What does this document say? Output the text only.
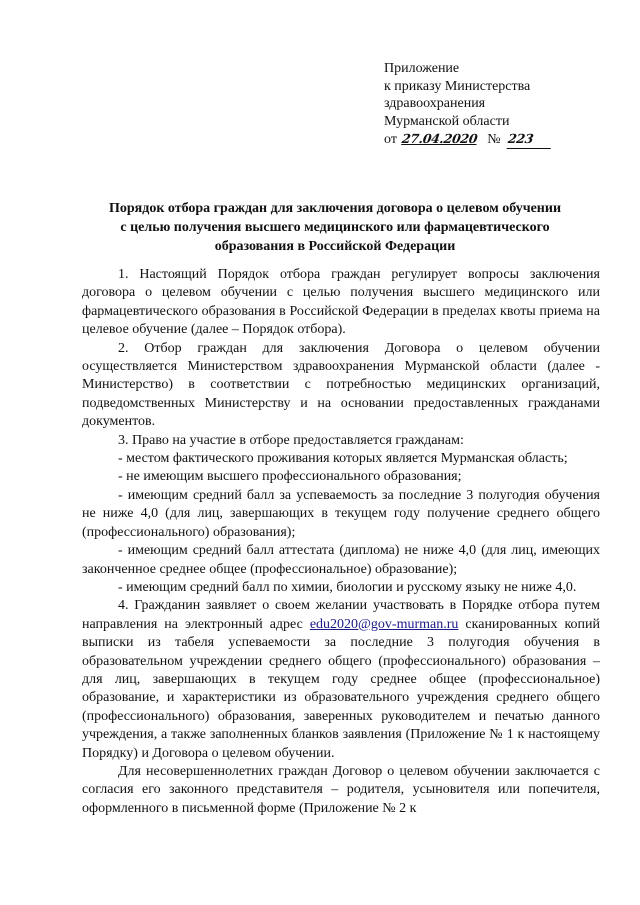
Приложение
к приказу Министерства
здравоохранения
Мурманской области
от 27.04.2020 № 223
Порядок отбора граждан для заключения договора о целевом обучении
с целью получения высшего медицинского или фармацевтического
образования в Российской Федерации

1. Настоящий Порядок отбора граждан регулирует вопросы заключения договора о целевом обучении с целью получения высшего медицинского или фармацевтического образования в Российской Федерации в пределах квоты приема на целевое обучение (далее – Порядок отбора).

2. Отбор граждан для заключения Договора о целевом обучении осуществляется Министерством здравоохранения Мурманской области (далее - Министерство) в соответствии с потребностью медицинских организаций, подведомственных Министерству и на основании предоставленных гражданами документов.

3. Право на участие в отборе предоставляется гражданам:

- местом фактического проживания которых является Мурманская область;

- не имеющим высшего профессионального образования;

- имеющим средний балл за успеваемость за последние 3 полугодия обучения не ниже 4,0 (для лиц, завершающих в текущем году получение среднего общего (профессионального) образования);

- имеющим средний балл аттестата (диплома) не ниже 4,0 (для лиц, имеющих законченное среднее общее (профессиональное) образование);

- имеющим средний балл по химии, биологии и русскому языку не ниже 4,0.

4. Гражданин заявляет о своем желании участвовать в Порядке отбора путем направления на электронный адрес edu2020@gov-murman.ru сканированных копий выписки из табеля успеваемости за последние 3 полугодия обучения в образовательном учреждении среднего общего (профессионального) образования – для лиц, завершающих в текущем году среднее общее (профессиональное) образование, и характеристики из образовательного учреждения среднего общего (профессионального) образования, заверенных руководителем и печатью данного учреждения, а также заполненных бланков заявления (Приложение № 1 к настоящему Порядку) и Договора о целевом обучении.

Для несовершеннолетних граждан Договор о целевом обучении заключается с согласия его законного представителя – родителя, усыновителя или попечителя, оформленного в письменной форме (Приложение № 2 к
